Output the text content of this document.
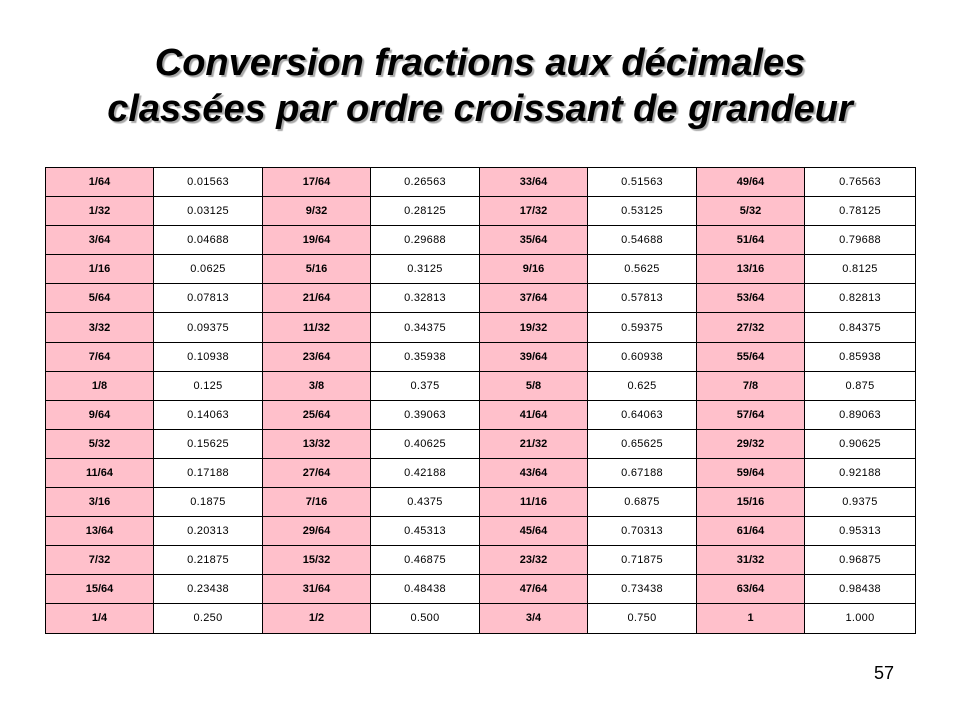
Conversion fractions aux décimales
classées par ordre croissant de grandeur
1/64	0.01563	17/64	0.26563	33/64	0.51563	49/64	0.76563
1/32	0.03125	9/32	0.28125	17/32	0.53125	5/32	0.78125
3/64	0.04688	19/64	0.29688	35/64	0.54688	51/64	0.79688
1/16	0.0625	5/16	0.3125	9/16	0.5625	13/16	0.8125
5/64	0.07813	21/64	0.32813	37/64	0.57813	53/64	0.82813
3/32	0.09375	11/32	0.34375	19/32	0.59375	27/32	0.84375
7/64	0.10938	23/64	0.35938	39/64	0.60938	55/64	0.85938
1/8	0.125	3/8	0.375	5/8	0.625	7/8	0.875
9/64	0.14063	25/64	0.39063	41/64	0.64063	57/64	0.89063
5/32	0.15625	13/32	0.40625	21/32	0.65625	29/32	0.90625
11/64	0.17188	27/64	0.42188	43/64	0.67188	59/64	0.92188
3/16	0.1875	7/16	0.4375	11/16	0.6875	15/16	0.9375
13/64	0.20313	29/64	0.45313	45/64	0.70313	61/64	0.95313
7/32	0.21875	15/32	0.46875	23/32	0.71875	31/32	0.96875
15/64	0.23438	31/64	0.48438	47/64	0.73438	63/64	0.98438
1/4	0.250	1/2	0.500	3/4	0.750	1	1.000
57
